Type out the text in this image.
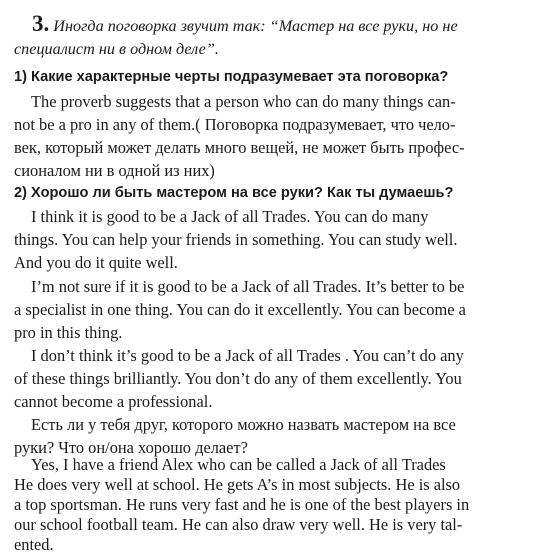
3. Иногда поговорка звучит так: “Мастер на все руки, но не
специалист ни в одном деле”.
1) Какие характерные черты подразумевает эта поговорка?
The proverb suggests that a person who can do many things can-
not be a pro in any of them.( Поговорка подразумевает, что чело-
век, который может делать много вещей, не может быть профес-
сионалом ни в одной из них)
2) Хорошо ли быть мастером на все руки? Как ты думаешь?
I think it is good to be a Jack of all Trades. You can do many
things. You can help your friends in something. You can study well.
And you do it quite well.
I’m not sure if it is good to be a Jack of all Trades. It’s better to be
a specialist in one thing. You can do it excellently. You can become a
pro in this thing.
I don’t think it’s good to be a Jack of all Trades . You can’t do any
of these things brilliantly. You don’t do any of them excellently. You
cannot become a professional.
Есть ли у тебя друг, которого можно назвать мастером на все
руки? Что он/она хорошо делает?
Yes, I have a friend Alex who can be called a Jack of all Trades
He does very well at school. He gets A’s in most subjects. He is also
a top sportsman. He runs very fast and he is one of the best players in
our school football team. He can also draw very well. He is very tal-
ented.
